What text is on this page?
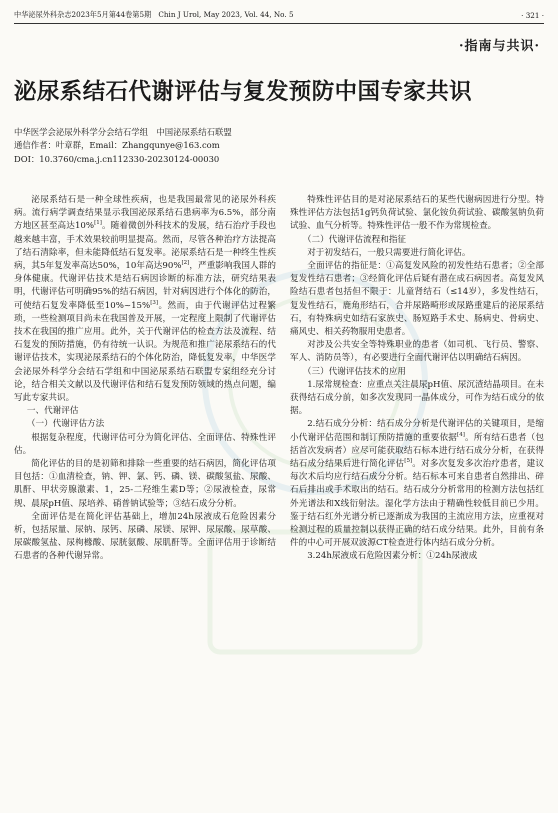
中华泌尿外科杂志2023年5月第44卷第5期　Chin J Urol, May 2023, Vol. 44, No. 5	· 321 ·
·指南与共识·
泌尿系结石代谢评估与复发预防中国专家共识
中华医学会泌尿外科学分会结石学组　中国泌尿系结石联盟
通信作者：叶章群，Email：Zhangqunye@163.com
DOI：10.3760/cma.j.cn112330-20230124-00030

泌尿系结石是一种全球性疾病，也是我国最常见的泌尿外科疾病。流行病学调查结果显示我国泌尿系结石患病率为6.5%，部分南方地区甚至高达10%[1]。随着微创外科技术的发展，结石治疗手段也越来越丰富，手术效果较前明显提高。然而，尽管各种治疗方法提高了结石清除率，但未能降低结石复发率。泌尿系结石是一种终生性疾病，其5年复发率高达50%，10年高达90%[2]，严重影响我国人群的身体健康。代谢评估技术是结石病因诊断的标准方法，研究结果表明，代谢评估可明确95%的结石病因，针对病因进行个体化的防治，可使结石复发率降低至10%~15%[3]。然而，由于代谢评估过程繁琐，一些检测项目尚未在我国普及开展，一定程度上限制了代谢评估技术在我国的推广应用。此外，关于代谢评估的检查方法及流程、结石复发的预防措施，仍有待统一认识。为规范和推广泌尿系结石的代谢评估技术，实现泌尿系结石的个体化防治，降低复发率，中华医学会泌尿外科学分会结石学组和中国泌尿系结石联盟专家组经充分讨论，结合相关文献以及代谢评估和结石复发预防领域的热点问题，编写此专家共识。

一、代谢评估
（一）代谢评估方法

根据复杂程度，代谢评估可分为简化评估、全面评估、特殊性评估。

简化评估的目的是初筛和排除一些重要的结石病因，简化评估项目包括：①血清检查，钠、钾、氯、钙、磷、镁、碳酸氢盐、尿酸、肌酐、甲状旁腺激素、1，25-二羟维生素D等；②尿液检查，尿常规、晨尿pH值、尿培养、硝普钠试验等；③结石成分分析。

全面评估是在简化评估基础上，增加24h尿液成石危险因素分析，包括尿量、尿钠、尿钙、尿磷、尿镁、尿钾、尿尿酸、尿草酸、尿碳酸氢盐、尿枸橼酸、尿胱氨酸、尿肌酐等。全面评估用于诊断结石患者的各种代谢异常。

特殊性评估目的是对泌尿系结石的某些代谢病因进行分型。特殊性评估方法包括1g钙负荷试验、氯化铵负荷试验、碳酸氢钠负荷试验、血气分析等。特殊性评估一般不作为常规检查。

（二）代谢评估流程和指征

对于初发结石，一般只需要进行简化评估。

全面评估的指征是：①高复发风险的初发性结石患者；②全部复发性结石患者；③经简化评估后疑有潜在成石病因者。高复发风险结石患者包括但不限于：儿童肾结石（≤14岁），多发性结石，复发性结石，鹿角形结石，合并尿路畸形或尿路重建后的泌尿系结石，有特殊病史如结石家族史、肠短路手术史、肠病史、骨病史、痛风史、相关药物服用史患者。

对涉及公共安全等特殊职业的患者（如司机、飞行员、警察、军人、消防员等），有必要进行全面代谢评估以明确结石病因。

（三）代谢评估技术的应用

1.尿常规检查：应重点关注晨尿pH值、尿沉渣结晶项目。在未获得结石成分前，如多次发现同一晶体成分，可作为结石成分的依据。

2.结石成分分析：结石成分分析是代谢评估的关键项目，是缩小代谢评估范围和制订预防措施的重要依据[4]。所有结石患者（包括首次发病者）应尽可能获取结石标本进行结石成分分析，在获得结石成分结果后进行简化评估[5]。对多次复发多次治疗患者，建议每次术后均应行结石成分分析。结石标本可来自患者自然排出、碎石后排出或手术取出的结石。结石成分分析常用的检测方法包括红外光谱法和X线衍射法。湿化学方法由于精确性较低目前已少用。鉴于结石红外光谱分析已逐渐成为我国的主流应用方法，应重视对检测过程的质量控制以获得正确的结石成分结果。此外，目前有条件的中心可开展双波源CT检查进行体内结石成分分析。

3.24h尿液成石危险因素分析：①24h尿液成
